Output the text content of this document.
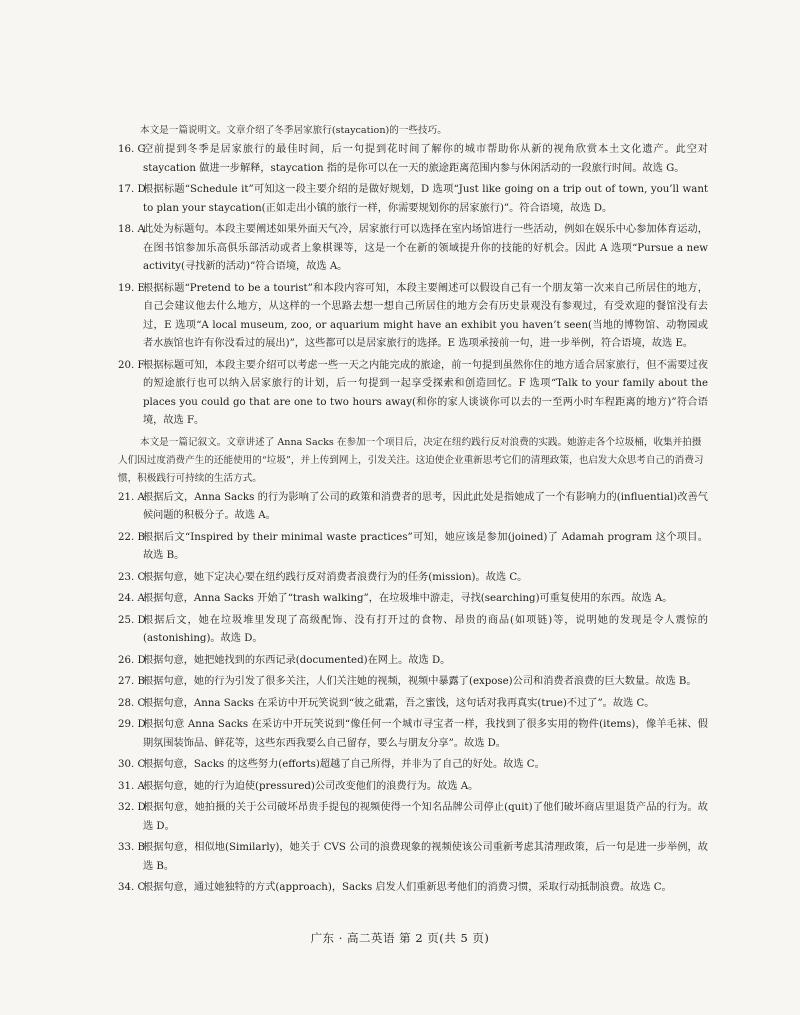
本文是一篇说明文。文章介绍了冬季居家旅行(staycation)的一些技巧。

16. G
空前提到冬季是居家旅行的最佳时间，后一句提到花时间了解你的城市帮助你从新的视角欣赏本土文化遗产。此空对 staycation 做进一步解释，staycation 指的是你可以在一天的旅途距离范围内参与休闲活动的一段旅行时间。故选 G。
17. D
根据标题“Schedule it”可知这一段主要介绍的是做好规划，D 选项“Just like going on a trip out of town, you’ll want to plan your staycation(正如走出小镇的旅行一样，你需要规划你的居家旅行)”。符合语境，故选 D。
18. A
此处为标题句。本段主要阐述如果外面天气冷，居家旅行可以选择在室内场馆进行一些活动，例如在娱乐中心参加体育运动，在图书馆参加乐高俱乐部活动或者上象棋课等，这是一个在新的领域提升你的技能的好机会。因此 A 选项“Pursue a new activity(寻找新的活动)”符合语境，故选 A。
19. E
根据标题“Pretend to be a tourist”和本段内容可知，本段主要阐述可以假设自己有一个朋友第一次来自己所居住的地方，自己会建议他去什么地方，从这样的一个思路去想一想自己所居住的地方会有历史景观没有参观过，有受欢迎的餐馆没有去过，E 选项“A local museum, zoo, or aquarium might have an exhibit you haven’t seen(当地的博物馆、动物园或者水族馆也许有你没看过的展出)”，这些都可以是居家旅行的选择。E 选项承接前一句，进一步举例，符合语境，故选 E。
20. F
根据标题可知，本段主要介绍可以考虑一些一天之内能完成的旅途，前一句提到虽然你住的地方适合居家旅行，但不需要过夜的短途旅行也可以纳入居家旅行的计划，后一句提到一起享受探索和创造回忆。F 选项“Talk to your family about the places you could go that are one to two hours away(和你的家人谈谈你可以去的一至两小时车程距离的地方)”符合语境，故选 F。

本文是一篇记叙文。文章讲述了 Anna Sacks 在参加一个项目后，决定在纽约践行反对浪费的实践。她游走各个垃圾桶，收集并拍摄人们因过度消费产生的还能使用的“垃圾”，并上传到网上，引发关注。这迫使企业重新思考它们的清理政策，也启发大众思考自己的消费习惯，积极践行可持续的生活方式。

21. A
根据后文，Anna Sacks 的行为影响了公司的政策和消费者的思考，因此此处是指她成了一个有影响力的(influential)改善气候问题的积极分子。故选 A。
22. B
根据后文“Inspired by their minimal waste practices”可知，她应该是参加(joined)了 Adamah program 这个项目。故选 B。
23. C
根据句意，她下定决心要在纽约践行反对消费者浪费行为的任务(mission)。故选 C。
24. A
根据句意，Anna Sacks 开始了“trash walking”，在垃圾堆中游走，寻找(searching)可重复使用的东西。故选 A。
25. D
根据后文，她在垃圾堆里发现了高级配饰、没有打开过的食物、昂贵的商品(如项链)等，说明她的发现是令人震惊的(astonishing)。故选 D。
26. D
根据句意，她把她找到的东西记录(documented)在网上。故选 D。
27. B
根据句意，她的行为引发了很多关注，人们关注她的视频，视频中暴露了(expose)公司和消费者浪费的巨大数量。故选 B。
28. C
根据句意，Anna Sacks 在采访中开玩笑说到“彼之砒霜，吾之蜜饯，这句话对我再真实(true)不过了”。故选 C。
29. D
根据句意 Anna Sacks 在采访中开玩笑说到“像任何一个城市寻宝者一样，我找到了很多实用的物件(items)，像羊毛袜、假期氛围装饰品、鲜花等，这些东西我要么自己留存，要么与朋友分享”。故选 D。
30. C
根据句意，Sacks 的这些努力(efforts)超越了自己所得，并非为了自己的好处。故选 C。
31. A
根据句意，她的行为迫使(pressured)公司改变他们的浪费行为。故选 A。
32. D
根据句意，她拍摄的关于公司破坏昂贵手提包的视频使得一个知名品牌公司停止(quit)了他们破坏商店里退货产品的行为。故选 D。
33. B
根据句意，相似地(Similarly)，她关于 CVS 公司的浪费现象的视频使该公司重新考虑其清理政策，后一句是进一步举例，故选 B。
34. C
根据句意，通过她独特的方式(approach)，Sacks 启发人们重新思考他们的消费习惯，采取行动抵制浪费。故选 C。
广东 · 高二英语 第 2 页(共 5 页)
